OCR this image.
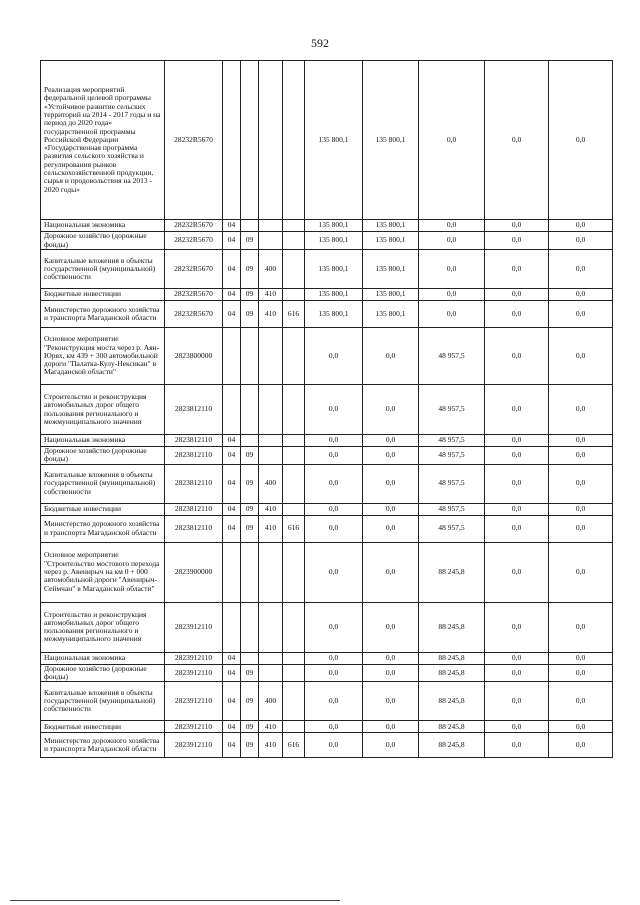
592
Реализация мероприятий федеральной целевой программы «Устойчивое развитие сельских территорий на 2014 - 2017 годы и на период до 2020 года» государственной программы Российской Федерации «Государственная программа развития сельского хозяйства и регулирования рынков сельскохозяйственной продукции, сырья и продовольствия на 2013 - 2020 годы»	28232R5670					135 800,1	135 800,1	0,0	0,0	0,0
Национальная экономика	28232R5670	04				135 800,1	135 800,1	0,0	0,0	0,0
Дорожное хозяйство (дорожные фонды)	28232R5670	04	09			135 800,1	135 800,1	0,0	0,0	0,0
Капитальные вложения в объекты государственной (муниципальной) собственности	28232R5670	04	09	400		135 800,1	135 800,1	0,0	0,0	0,0
Бюджетные инвестиции	28232R5670	04	09	410		135 800,1	135 800,1	0,0	0,0	0,0
Министерство дорожного хозяйства и транспорта Магаданской области	28232R5670	04	09	410	616	135 800,1	135 800,1	0,0	0,0	0,0
Основное мероприятие "Реконструкция моста через р. Аян-Юрях, км 439 + 300 автомобильной дороги "Палатка-Кулу-Нексикан" в Магаданской области"	2823800000					0,0	0,0	48 957,5	0,0	0,0
Строительство и реконструкция автомобильных дорог общего пользования регионального и межмуниципального значения	2823812110					0,0	0,0	48 957,5	0,0	0,0
Национальная экономика	2823812110	04				0,0	0,0	48 957,5	0,0	0,0
Дорожное хозяйство (дорожные фонды)	2823812110	04	09			0,0	0,0	48 957,5	0,0	0,0
Капитальные вложения в объекты государственной (муниципальной) собственности	2823812110	04	09	400		0,0	0,0	48 957,5	0,0	0,0
Бюджетные инвестиции	2823812110	04	09	410		0,0	0,0	48 957,5	0,0	0,0
Министерство дорожного хозяйства и транспорта Магаданской области	2823812110	04	09	410	616	0,0	0,0	48 957,5	0,0	0,0
Основное мероприятие "Строительство мостового перехода через р. Авенирыч на км 0 + 000 автомобильной дороги "Авенирыч-Сеймчан" в Магаданской области"	2823900000					0,0	0,0	88 245,8	0,0	0,0
Строительство и реконструкция автомобильных дорог общего пользования регионального и межмуниципального значения	2823912110					0,0	0,0	88 245,8	0,0	0,0
Национальная экономика	2823912110	04				0,0	0,0	88 245,8	0,0	0,0
Дорожное хозяйство (дорожные фонды)	2823912110	04	09			0,0	0,0	88 245,8	0,0	0,0
Капитальные вложения в объекты государственной (муниципальной) собственности	2823912110	04	09	400		0,0	0,0	88 245,8	0,0	0,0
Бюджетные инвестиции	2823912110	04	09	410		0,0	0,0	88 245,8	0,0	0,0
Министерство дорожного хозяйства и транспорта Магаданской области	2823912110	04	09	410	616	0,0	0,0	88 245,8	0,0	0,0
